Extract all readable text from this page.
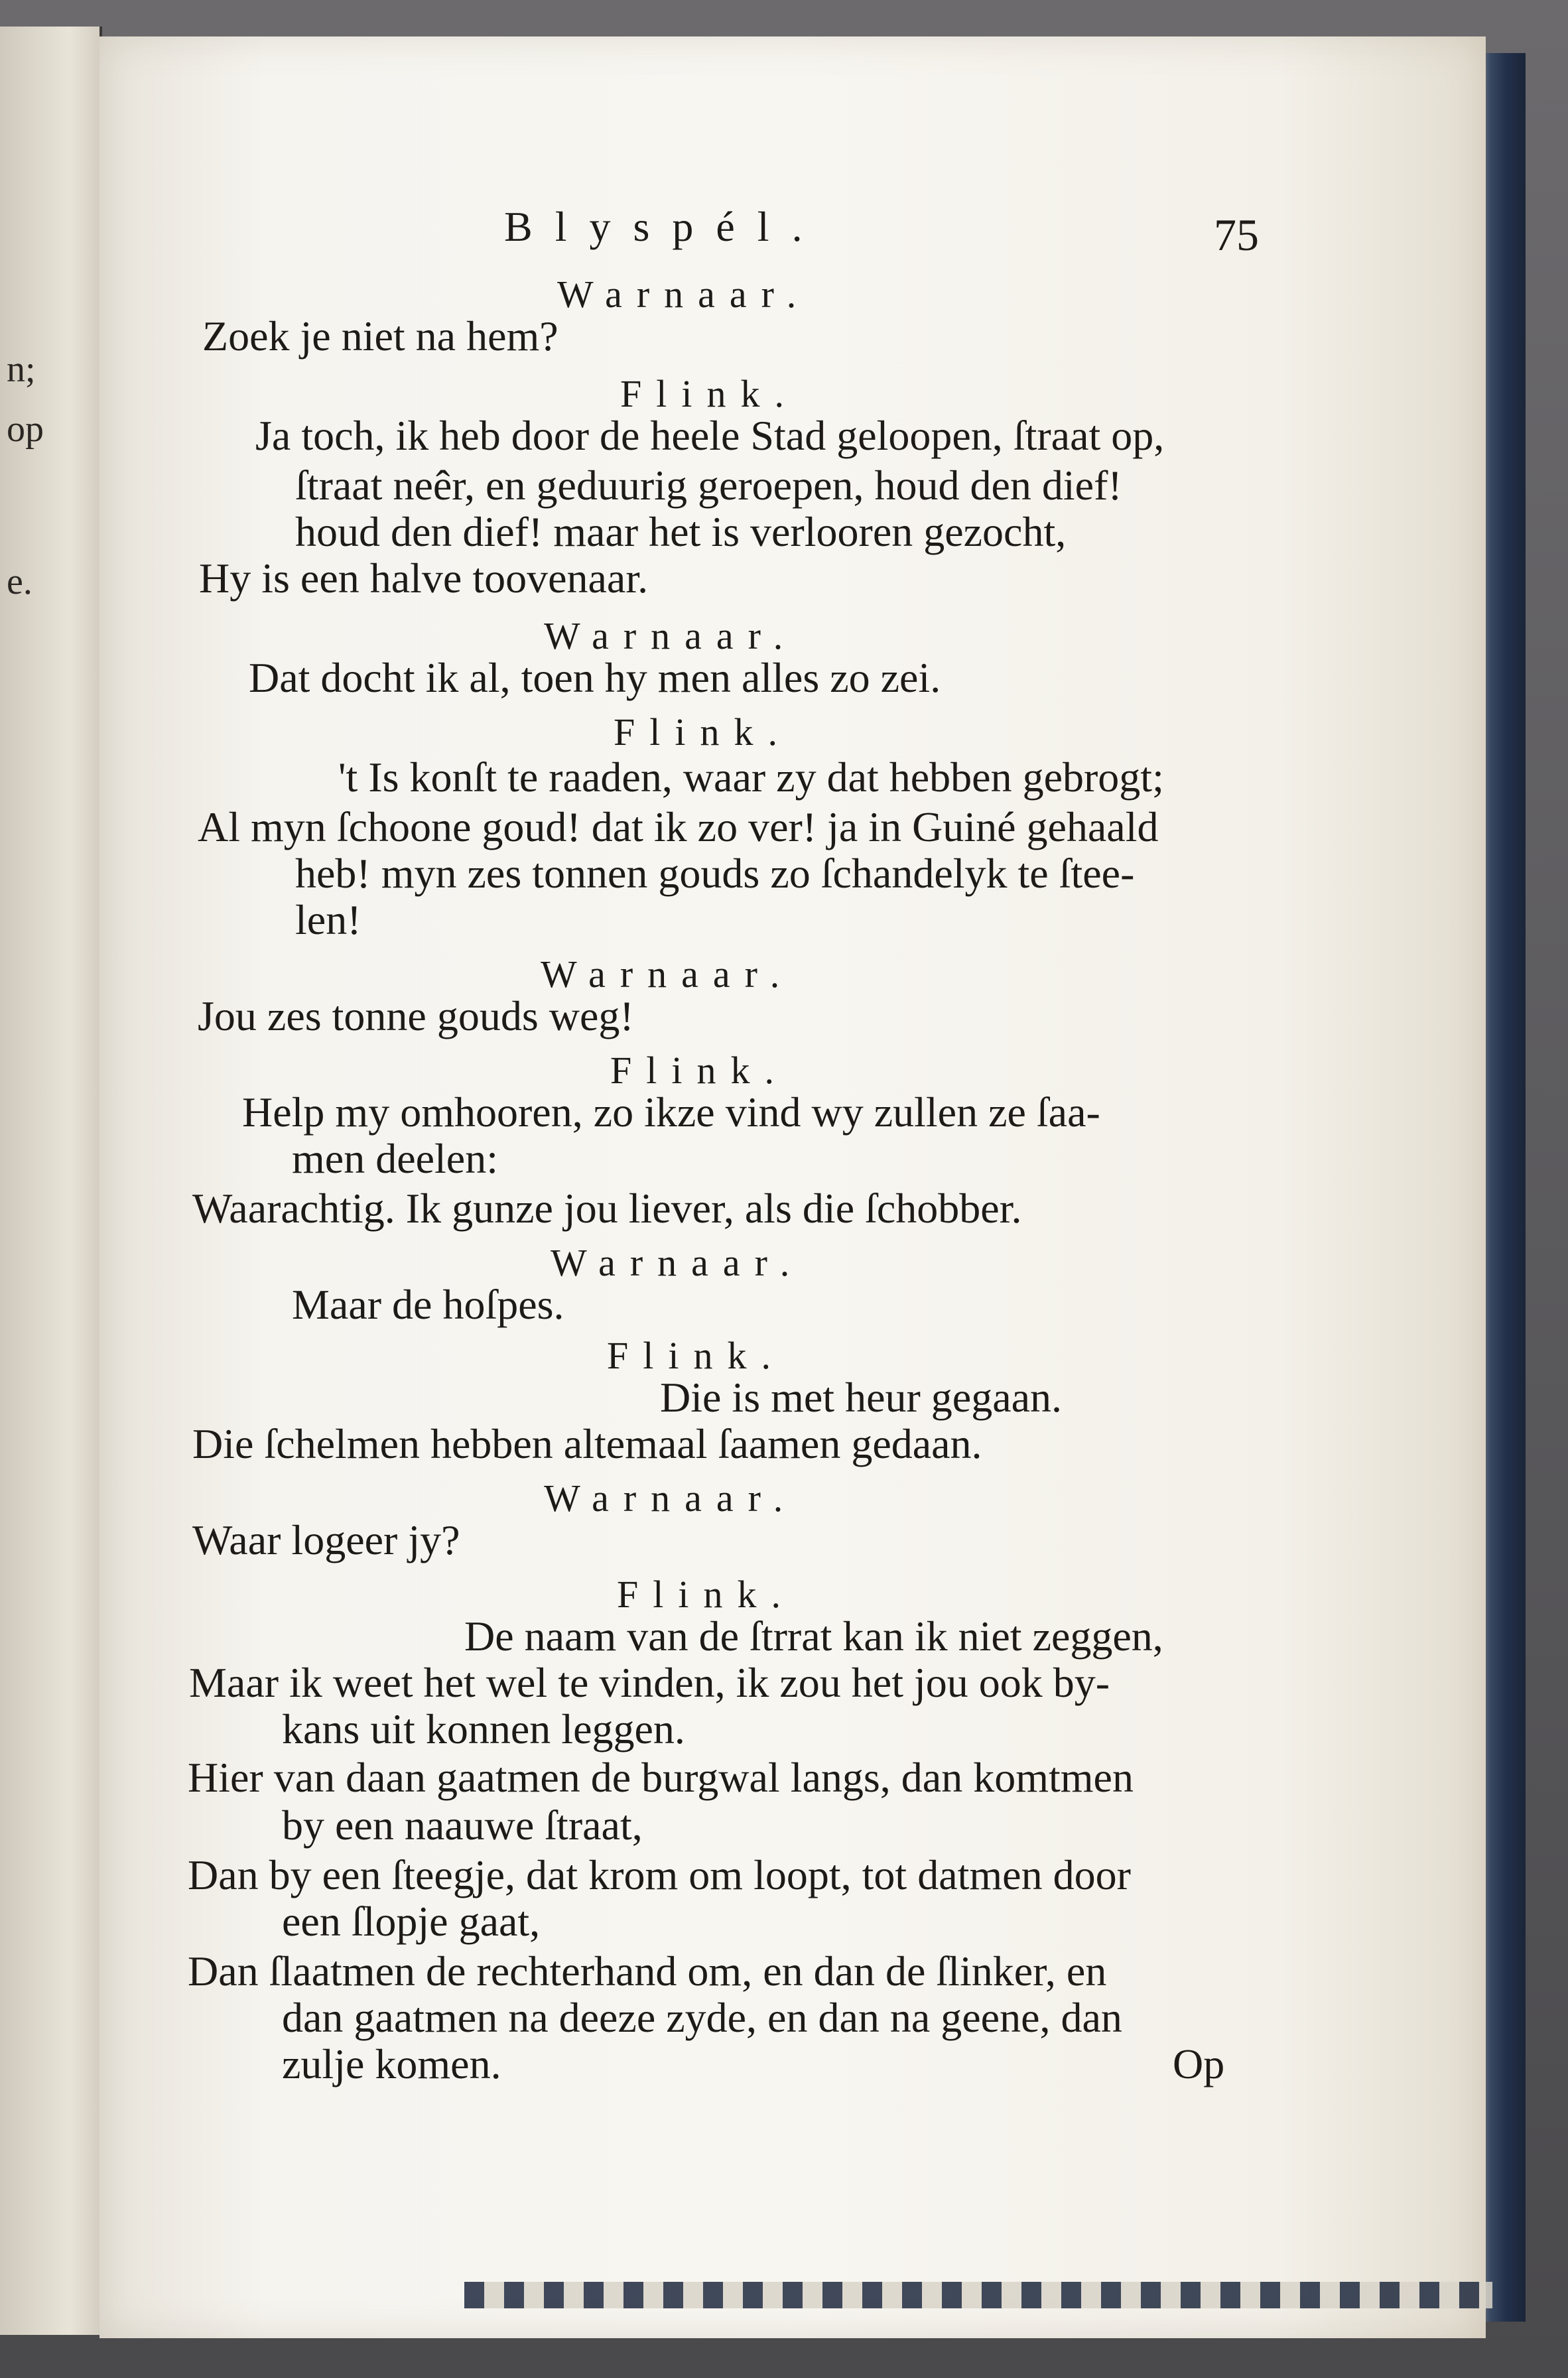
n;
op
e.
Blyspél.	75
Warnaar.
Zoek je niet na hem?
Flink.
Ja toch, ik heb door de heele Stad geloopen, ſtraat op,
ſtraat neêr, en geduurig geroepen, houd den dief!
houd den dief! maar het is verlooren gezocht,
Hy is een halve toovenaar.
Warnaar.
Dat docht ik al, toen hy men alles zo zei.
Flink.
't Is konſt te raaden, waar zy dat hebben gebrogt;
Al myn ſchoone goud! dat ik zo ver! ja in Guiné gehaald
heb! myn zes tonnen gouds zo ſchandelyk te ſtee-
len!
Warnaar.
Jou zes tonne gouds weg!
Flink.
Help my omhooren, zo ikze vind wy zullen ze ſaa-
men deelen:
Waarachtig. Ik gunze jou liever, als die ſchobber.
Warnaar.
Maar de hoſpes.
Flink.
Die is met heur gegaan.
Die ſchelmen hebben altemaal ſaamen gedaan.
Warnaar.
Waar logeer jy?
Flink.
De naam van de ſtrrat kan ik niet zeggen,
Maar ik weet het wel te vinden, ik zou het jou ook by-
kans uit konnen leggen.
Hier van daan gaatmen de burgwal langs, dan komtmen
by een naauwe ſtraat,
Dan by een ſteegje, dat krom om loopt, tot datmen door
een ſlopje gaat,
Dan ſlaatmen de rechterhand om, en dan de ſlinker, en
dan gaatmen na deeze zyde, en dan na geene, dan
zulje komen.	Op
